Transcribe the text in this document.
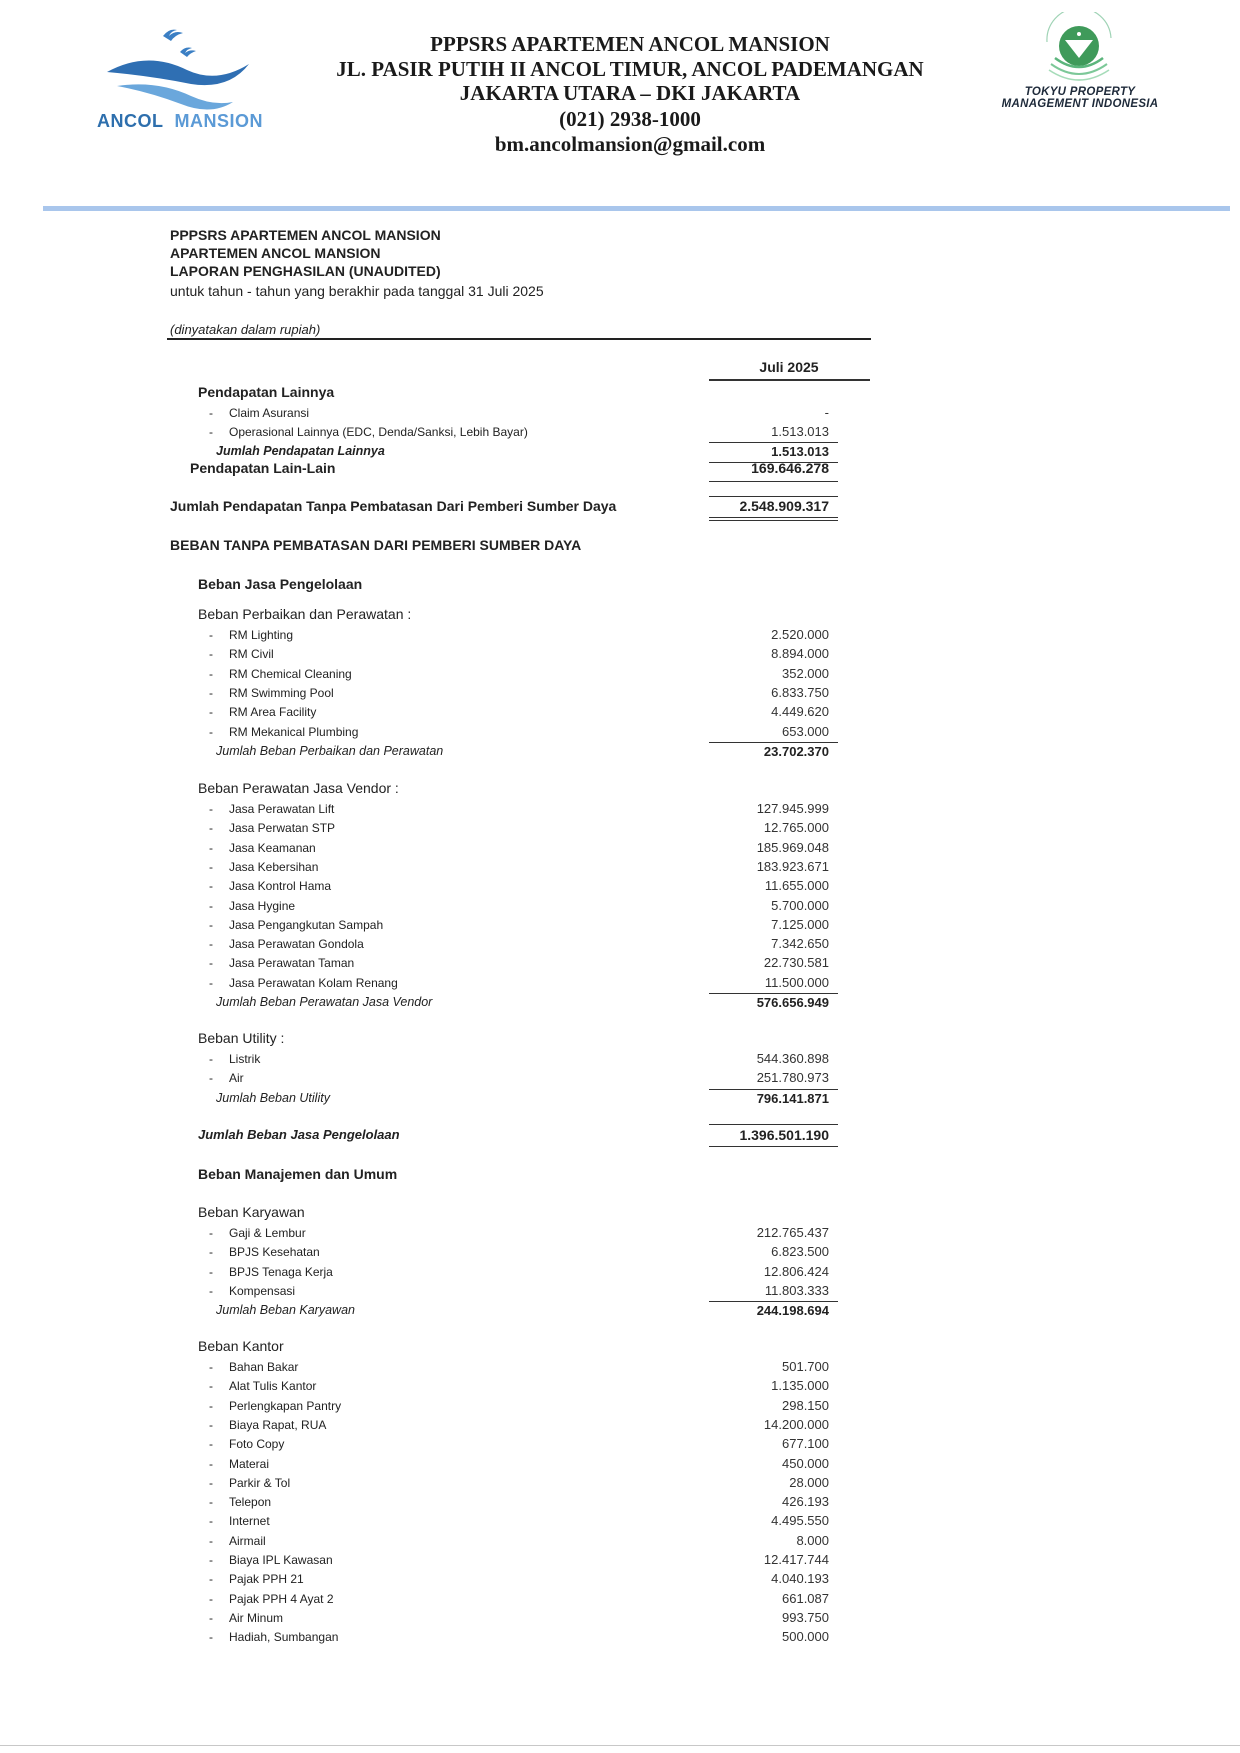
ANCOL MANSION
PPPSRS APARTEMEN ANCOL MANSION
JL. PASIR PUTIH II ANCOL TIMUR, ANCOL PADEMANGAN
JAKARTA UTARA – DKI JAKARTA
(021) 2938-1000
bm.ancolmansion@gmail.com
TOKYU PROPERTY
MANAGEMENT INDONESIA
PPPSRS APARTEMEN ANCOL MANSION
APARTEMEN ANCOL MANSION
LAPORAN PENGHASILAN (UNAUDITED)
untuk tahun - tahun yang berakhir pada tanggal 31 Juli 2025
(dinyatakan dalam rupiah)
Juli 2025
Pendapatan Lainnya
- Claim Asuransi	-
- Operasional Lainnya (EDC, Denda/Sanksi, Lebih Bayar)	1.513.013
Jumlah Pendapatan Lainnya	1.513.013
Pendapatan Lain-Lain	169.646.278
Jumlah Pendapatan Tanpa Pembatasan Dari Pemberi Sumber Daya	2.548.909.317
BEBAN TANPA PEMBATASAN DARI PEMBERI SUMBER DAYA
Beban Jasa Pengelolaan
Beban Perbaikan dan Perawatan :
- RM Lighting	2.520.000
- RM Civil	8.894.000
- RM Chemical Cleaning	352.000
- RM Swimming Pool	6.833.750
- RM Area Facility	4.449.620
- RM Mekanical Plumbing	653.000
Jumlah Beban Perbaikan dan Perawatan	23.702.370
Beban Perawatan Jasa Vendor :
- Jasa Perawatan Lift	127.945.999
- Jasa Perwatan STP	12.765.000
- Jasa Keamanan	185.969.048
- Jasa Kebersihan	183.923.671
- Jasa Kontrol Hama	11.655.000
- Jasa Hygine	5.700.000
- Jasa Pengangkutan Sampah	7.125.000
- Jasa Perawatan Gondola	7.342.650
- Jasa Perawatan Taman	22.730.581
- Jasa Perawatan Kolam Renang	11.500.000
Jumlah Beban Perawatan Jasa Vendor	576.656.949
Beban Utility :
- Listrik	544.360.898
- Air	251.780.973
Jumlah Beban Utility	796.141.871
Jumlah Beban Jasa Pengelolaan	1.396.501.190
Beban Manajemen dan Umum
Beban Karyawan
- Gaji & Lembur	212.765.437
- BPJS Kesehatan	6.823.500
- BPJS Tenaga Kerja	12.806.424
- Kompensasi	11.803.333
Jumlah Beban Karyawan	244.198.694
Beban Kantor
- Bahan Bakar	501.700
- Alat Tulis Kantor	1.135.000
- Perlengkapan Pantry	298.150
- Biaya Rapat, RUA	14.200.000
- Foto Copy	677.100
- Materai	450.000
- Parkir & Tol	28.000
- Telepon	426.193
- Internet	4.495.550
- Airmail	8.000
- Biaya IPL Kawasan	12.417.744
- Pajak PPH 21	4.040.193
- Pajak PPH 4 Ayat 2	661.087
- Air Minum	993.750
- Hadiah, Sumbangan	500.000
